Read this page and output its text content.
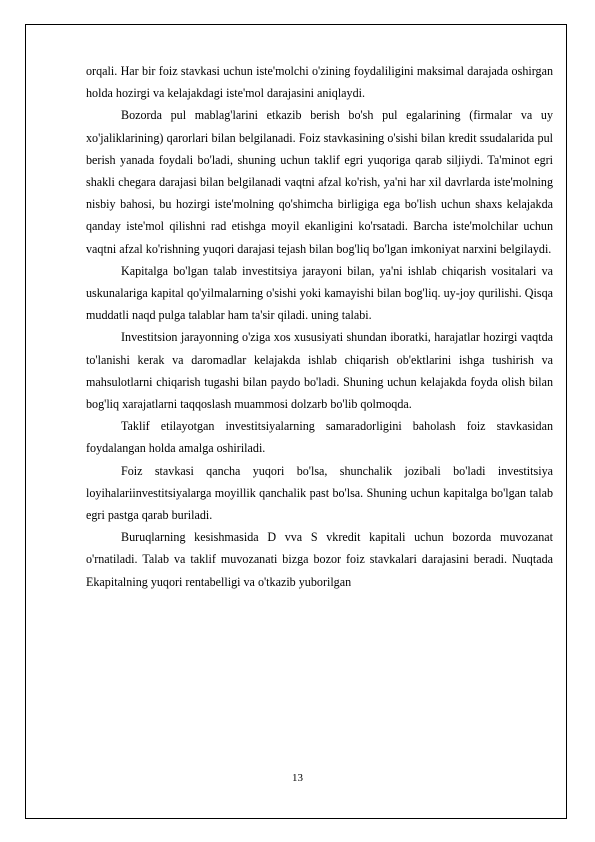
orqali. Har bir foiz stavkasi uchun iste'molchi o'zining foydaliligini maksimal darajada oshirgan holda hozirgi va kelajakdagi iste'mol darajasini aniqlaydi.

Bozorda pul mablag'larini etkazib berish bo'sh pul egalarining (firmalar va uy xo'jaliklarining) qarorlari bilan belgilanadi. Foiz stavkasining o'sishi bilan kredit ssudalarida pul berish yanada foydali bo'ladi, shuning uchun taklif egri yuqoriga qarab siljiydi. Ta'minot egri shakli chegara darajasi bilan belgilanadi vaqtni afzal ko'rish, ya'ni har xil davrlarda iste'molning nisbiy bahosi, bu hozirgi iste'molning qo'shimcha birligiga ega bo'lish uchun shaxs kelajakda qanday iste'mol qilishni rad etishga moyil ekanligini ko'rsatadi. Barcha iste'molchilar uchun vaqtni afzal ko'rishning yuqori darajasi tejash bilan bog'liq bo'lgan imkoniyat narxini belgilaydi.

Kapitalga bo'lgan talab investitsiya jarayoni bilan, ya'ni ishlab chiqarish vositalari va uskunalariga kapital qo'yilmalarning o'sishi yoki kamayishi bilan bog'liq. uy-joy qurilishi. Qisqa muddatli naqd pulga talablar ham ta'sir qiladi. uning talabi.

Investitsion jarayonning o'ziga xos xususiyati shundan iboratki, harajatlar hozirgi vaqtda to'lanishi kerak va daromadlar kelajakda ishlab chiqarish ob'ektlarini ishga tushirish va mahsulotlarni chiqarish tugashi bilan paydo bo'ladi. Shuning uchun kelajakda foyda olish bilan bog'liq xarajatlarni taqqoslash muammosi dolzarb bo'lib qolmoqda.

Taklif etilayotgan investitsiyalarning samaradorligini baholash foiz stavkasidan foydalangan holda amalga oshiriladi.

Foiz stavkasi qancha yuqori bo'lsa, shunchalik jozibali bo'ladi investitsiya loyihalariinvestitsiyalarga moyillik qanchalik past bo'lsa. Shuning uchun kapitalga bo'lgan talab egri pastga qarab buriladi.

Buruqlarning kesishmasida D vva S vkredit kapitali uchun bozorda muvozanat o'rnatiladi. Talab va taklif muvozanati bizga bozor foiz stavkalari darajasini beradi. Nuqtada Ekapitalning yuqori rentabelligi va o'tkazib yuborilgan

13
